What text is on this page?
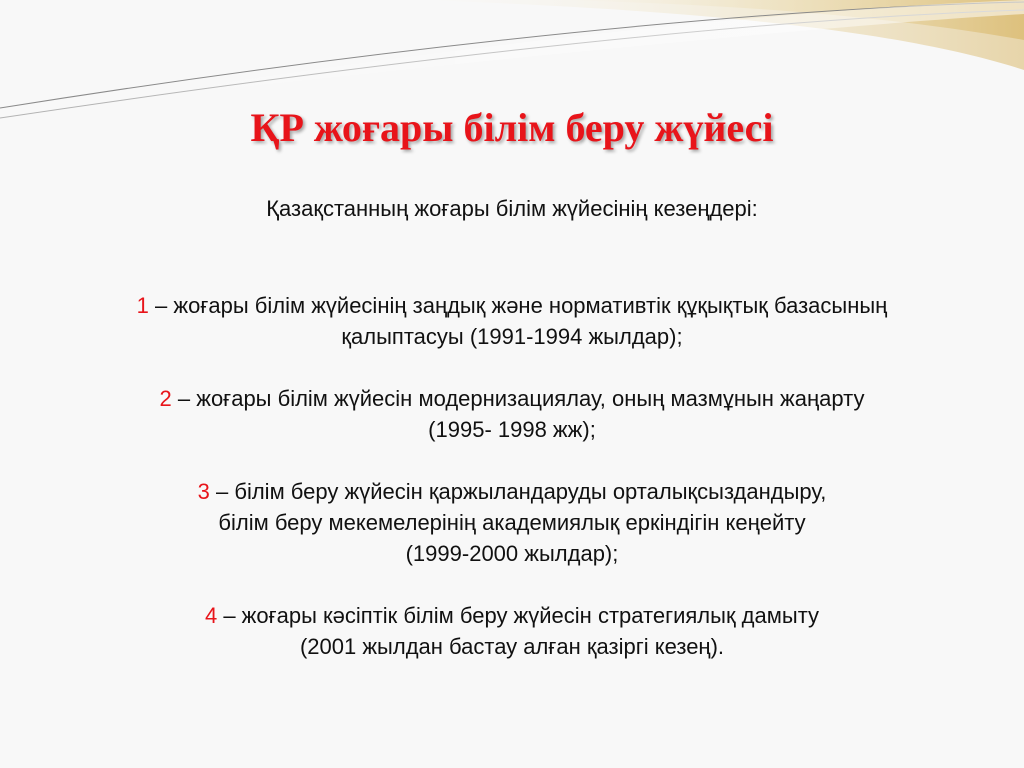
ҚР жоғары білім беру жүйесі
Қазақстанның жоғары білім жүйесінің кезеңдері:
1 – жоғары білім жүйесінің заңдық және нормативтік құқықтық базасының
қалыптасуы (1991-1994 жылдар);
2 – жоғары білім жүйесін модернизациялау, оның мазмұнын жаңарту
(1995- 1998 жж);
3 – білім беру жүйесін қаржыландаруды орталықсыздандыру,
білім беру мекемелерінің академиялық еркіндігін кеңейту
(1999-2000 жылдар);
4 – жоғары кәсіптік білім беру жүйесін стратегиялық дамыту
(2001 жылдан бастау алған қазіргі кезең).
